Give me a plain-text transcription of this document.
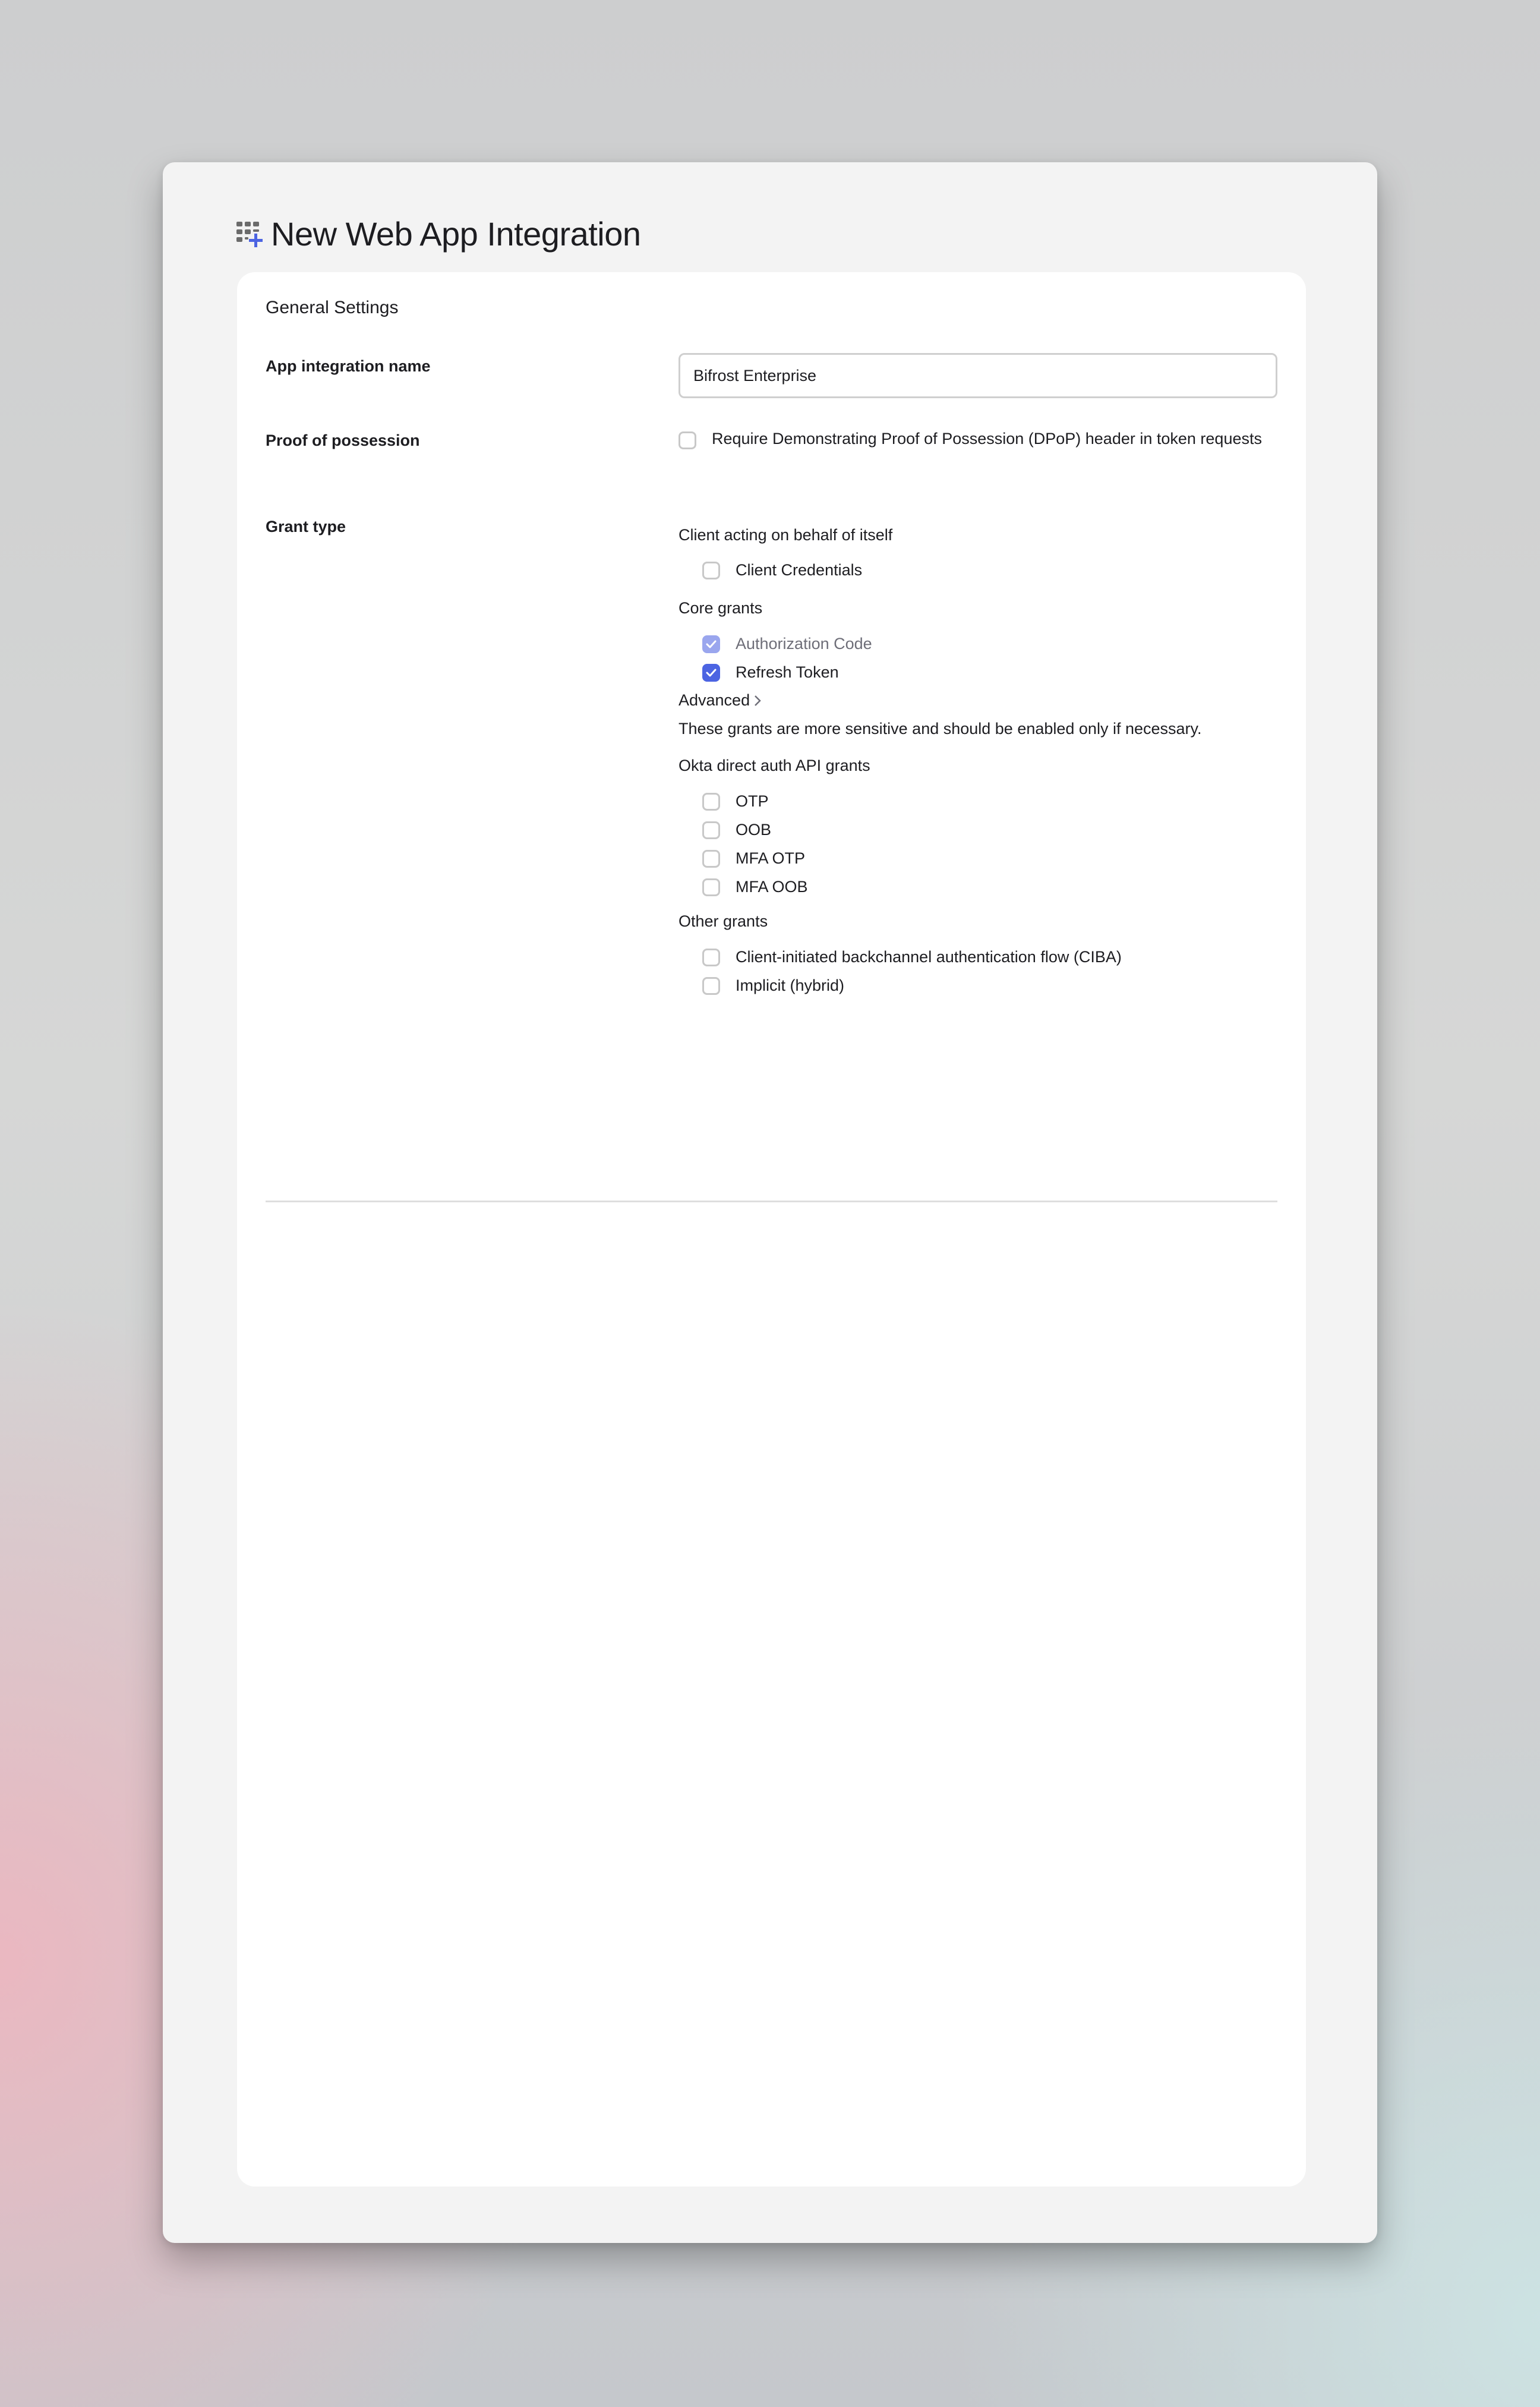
New Web App Integration
General Settings
App integration name
Bifrost Enterprise
Proof of possession	Require Demonstrating Proof of Possession (DPoP) header in token requests
Grant type	Client acting on behalf of itself
Client Credentials
Core grants
Authorization Code
Refresh Token
Advanced
These grants are more sensitive and should be enabled only if necessary.
Okta direct auth API grants
OTP
OOB
MFA OTP
MFA OOB
Other grants
Client-initiated backchannel authentication flow (CIBA)
Implicit (hybrid)
